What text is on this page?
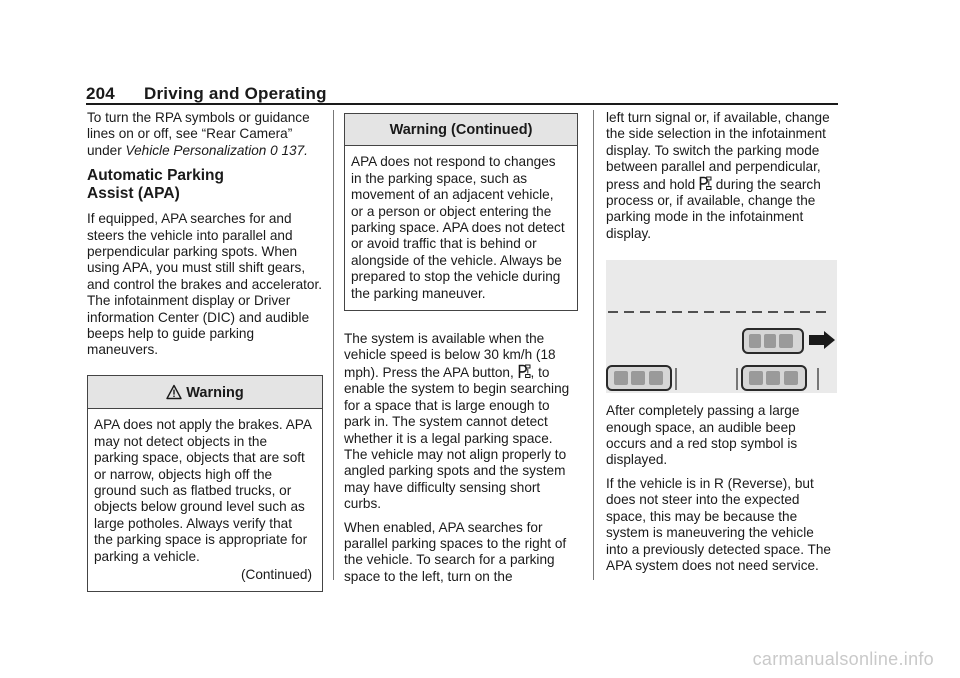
204 Driving and Operating

To turn the RPA symbols or guidance lines on or off, see “Rear Camera” under Vehicle Personalization 0 137.

Automatic Parking
Assist (APA)

If equipped, APA searches for and steers the vehicle into parallel and perpendicular parking spots. When using APA, you must still shift gears, and control the brakes and accelerator. The infotainment display or Driver information Center (DIC) and audible beeps help to guide parking maneuvers.

Warning
APA does not apply the brakes. APA may not detect objects in the parking space, objects that are soft or narrow, objects high off the ground such as flatbed trucks, or objects below ground level such as large potholes. Always verify that the parking space is appropriate for parking a vehicle.
(Continued)
Warning (Continued)
APA does not respond to changes in the parking space, such as movement of an adjacent vehicle, or a person or object entering the parking space. APA does not detect or avoid traffic that is behind or alongside of the vehicle. Always be prepared to stop the vehicle during the parking maneuver.

The system is available when the vehicle speed is below 30 km/h (18 mph). Press the APA button, , to enable the system to begin searching for a space that is large enough to park in. The system cannot detect whether it is a legal parking space. The vehicle may not align properly to angled parking spots and the system may have difficulty sensing short curbs.

When enabled, APA searches for parallel parking spaces to the right of the vehicle. To search for a parking space to the left, turn on the

left turn signal or, if available, change the side selection in the infotainment display. To switch the parking mode between parallel and perpendicular, press and hold  during the search process or, if available, change the parking mode in the infotainment display.

After completely passing a large enough space, an audible beep occurs and a red stop symbol is displayed.

If the vehicle is in R (Reverse), but does not steer into the expected space, this may be because the system is maneuvering the vehicle into a previously detected space. The APA system does not need service.

carmanualsonline.info
